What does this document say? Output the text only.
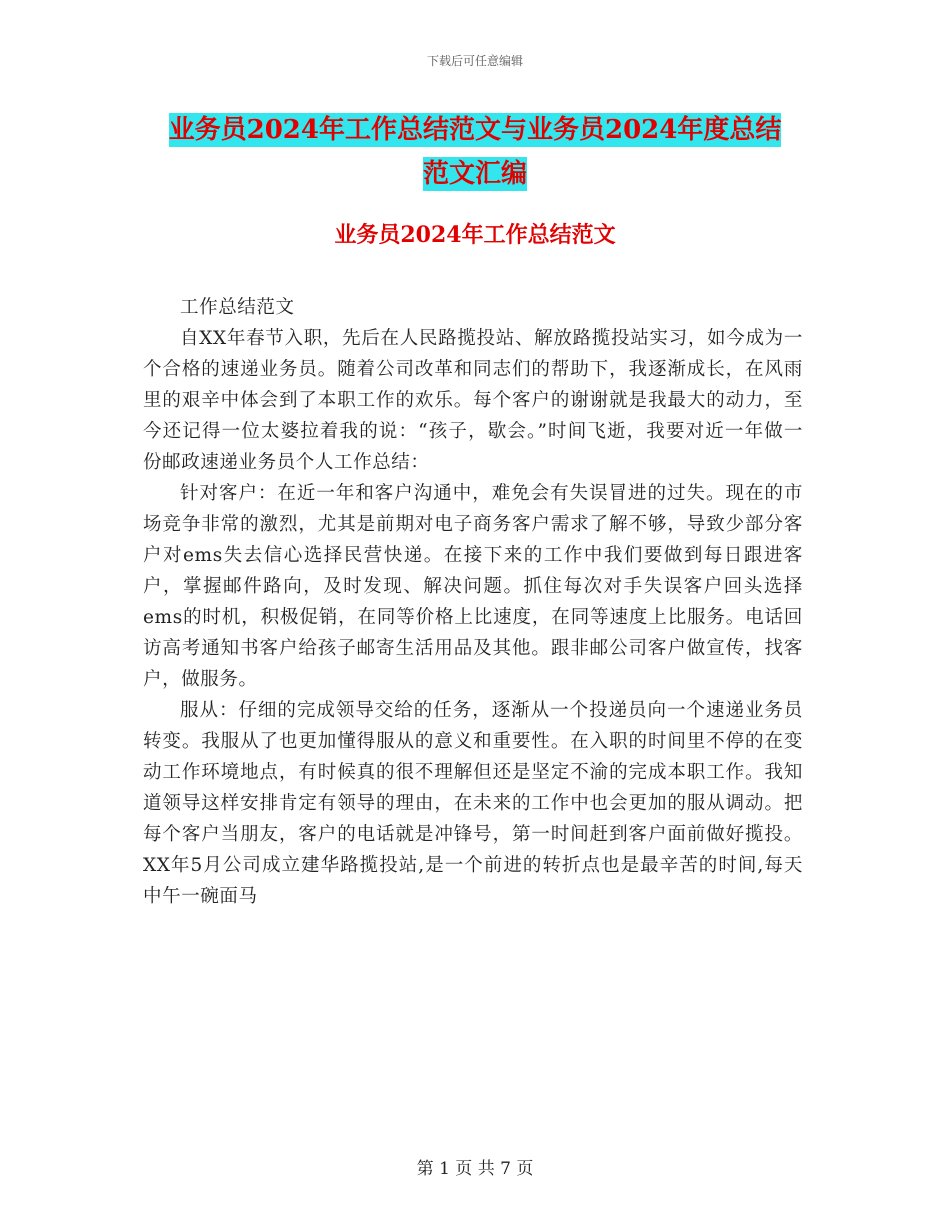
下载后可任意编辑
业务员2024年工作总结范文与业务员2024年度总结
范文汇编
业务员2024年工作总结范文

工作总结范文

自XX年春节入职，先后在人民路揽投站、解放路揽投站实习，如今成为一个合格的速递业务员。随着公司改革和同志们的帮助下，我逐渐成长，在风雨里的艰辛中体会到了本职工作的欢乐。每个客户的谢谢就是我最大的动力，至今还记得一位太婆拉着我的说：“孩子，歇会。”时间飞逝，我要对近一年做一份邮政速递业务员个人工作总结：

针对客户：在近一年和客户沟通中，难免会有失误冒进的过失。现在的市场竞争非常的激烈，尤其是前期对电子商务客户需求了解不够，导致少部分客户对ems失去信心选择民营快递。在接下来的工作中我们要做到每日跟进客户，掌握邮件路向，及时发现、解决问题。抓住每次对手失误客户回头选择ems的时机，积极促销，在同等价格上比速度，在同等速度上比服务。电话回访高考通知书客户给孩子邮寄生活用品及其他。跟非邮公司客户做宣传，找客户，做服务。

服从：仔细的完成领导交给的任务，逐渐从一个投递员向一个速递业务员转变。我服从了也更加懂得服从的意义和重要性。在入职的时间里不停的在变动工作环境地点，有时候真的很不理解但还是坚定不渝的完成本职工作。我知道领导这样安排肯定有领导的理由，在未来的工作中也会更加的服从调动。把每个客户当朋友，客户的电话就是冲锋号，第一时间赶到客户面前做好揽投。XX年5月公司成立建华路揽投站,是一个前进的转折点也是最辛苦的时间,每天中午一碗面马

第 1 页 共 7 页
